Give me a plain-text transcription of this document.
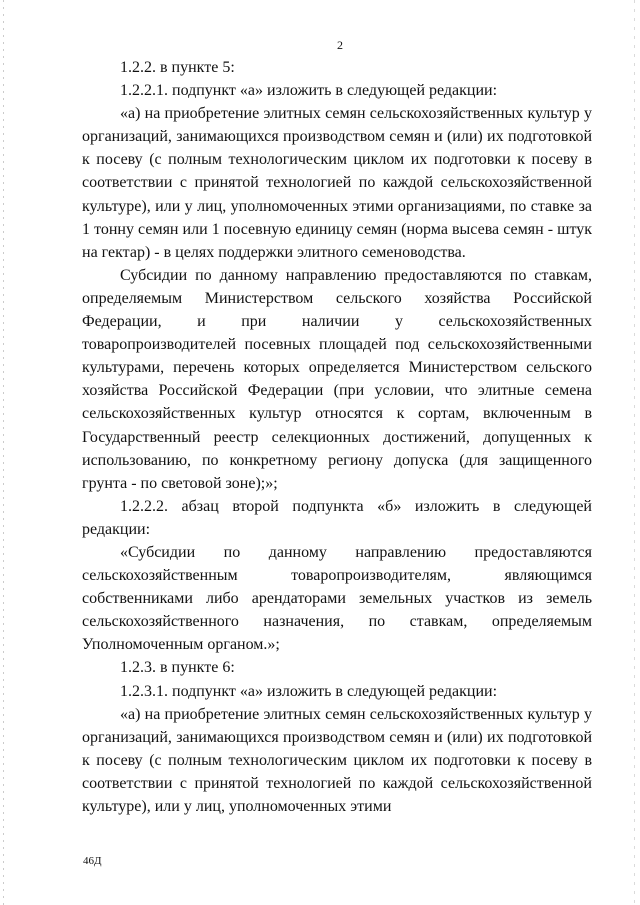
2

1.2.2. в пункте 5:

1.2.2.1. подпункт «а» изложить в следующей редакции:

«а) на приобретение элитных семян сельскохозяйственных культур у организаций, занимающихся производством семян и (или) их подготовкой к посеву (с полным технологическим циклом их подготовки к посеву в соответствии с принятой технологией по каждой сельскохозяйственной культуре), или у лиц, уполномоченных этими организациями, по ставке за 1 тонну семян или 1 посевную единицу семян (норма высева семян - штук на гектар) - в целях поддержки элитного семеноводства.

Субсидии по данному направлению предоставляются по ставкам, определяемым Министерством сельского хозяйства Российской Федерации, и при наличии у сельскохозяйственных товаропроизводителей посевных площадей под сельскохозяйственными культурами, перечень которых определяется Министерством сельского хозяйства Российской Федерации (при условии, что элитные семена сельскохозяйственных культур относятся к сортам, включенным в Государственный реестр селекционных достижений, допущенных к использованию, по конкретному региону допуска (для защищенного грунта - по световой зоне);»;

1.2.2.2. абзац второй подпункта «б» изложить в следующей редакции:

«Субсидии по данному направлению предоставляются сельскохозяйственным товаропроизводителям, являющимся собственниками либо арендаторами земельных участков из земель сельскохозяйственного назначения, по ставкам, определяемым Уполномоченным органом.»;

1.2.3. в пункте 6:

1.2.3.1. подпункт «а» изложить в следующей редакции:

«а) на приобретение элитных семян сельскохозяйственных культур у организаций, занимающихся производством семян и (или) их подготовкой к посеву (с полным технологическим циклом их подготовки к посеву в соответствии с принятой технологией по каждой сельскохозяйственной культуре), или у лиц, уполномоченных этими

46Д
